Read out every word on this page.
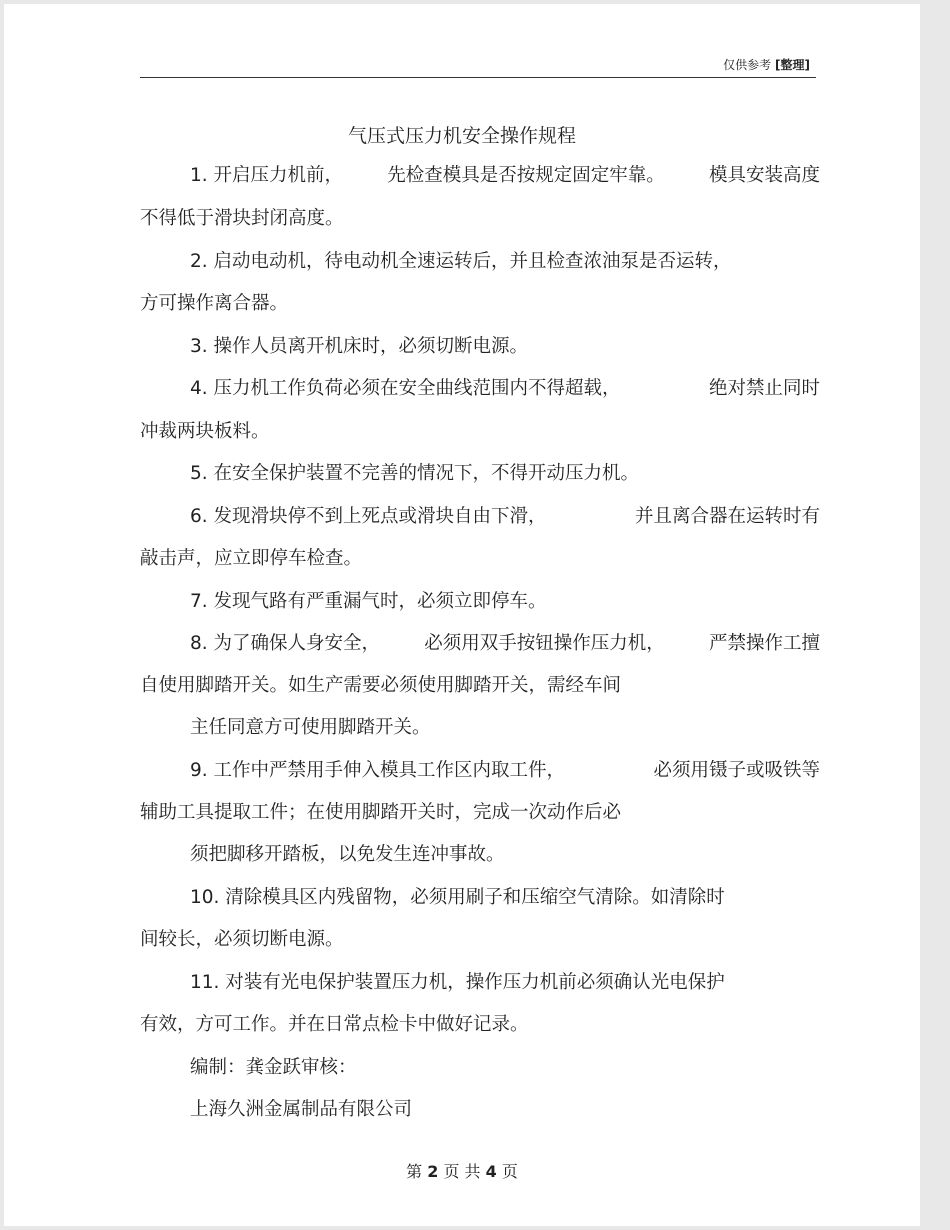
仅供参考 [整理]
气压式压力机安全操作规程
1. 开启压力机前， 先检查模具是否按规定固定牢靠。 模具安装高度
不得低于滑块封闭高度。
2. 启动电动机，待电动机全速运转后，并且检查浓油泵是否运转，
方可操作离合器。
3. 操作人员离开机床时，必须切断电源。
4. 压力机工作负荷必须在安全曲线范围内不得超载，	绝对禁止同时
冲裁两块板料。
5. 在安全保护装置不完善的情况下，不得开动压力机。
6. 发现滑块停不到上死点或滑块自由下滑，	并且离合器在运转时有
敲击声，应立即停车检查。
7. 发现气路有严重漏气时，必须立即停车。
8. 为了确保人身安全， 必须用双手按钮操作压力机， 严禁操作工擅
自使用脚踏开关。如生产需要必须使用脚踏开关，需经车间
主任同意方可使用脚踏开关。
9. 工作中严禁用手伸入模具工作区内取工件，	必须用镊子或吸铁等
辅助工具提取工件；在使用脚踏开关时，完成一次动作后必
须把脚移开踏板，以免发生连冲事故。
10. 清除模具区内残留物，必须用刷子和压缩空气清除。如清除时
间较长，必须切断电源。
11. 对装有光电保护装置压力机，操作压力机前必须确认光电保护
有效，方可工作。并在日常点检卡中做好记录。
编制：龚金跃审核：
上海久洲金属制品有限公司
第 2 页 共 4 页
